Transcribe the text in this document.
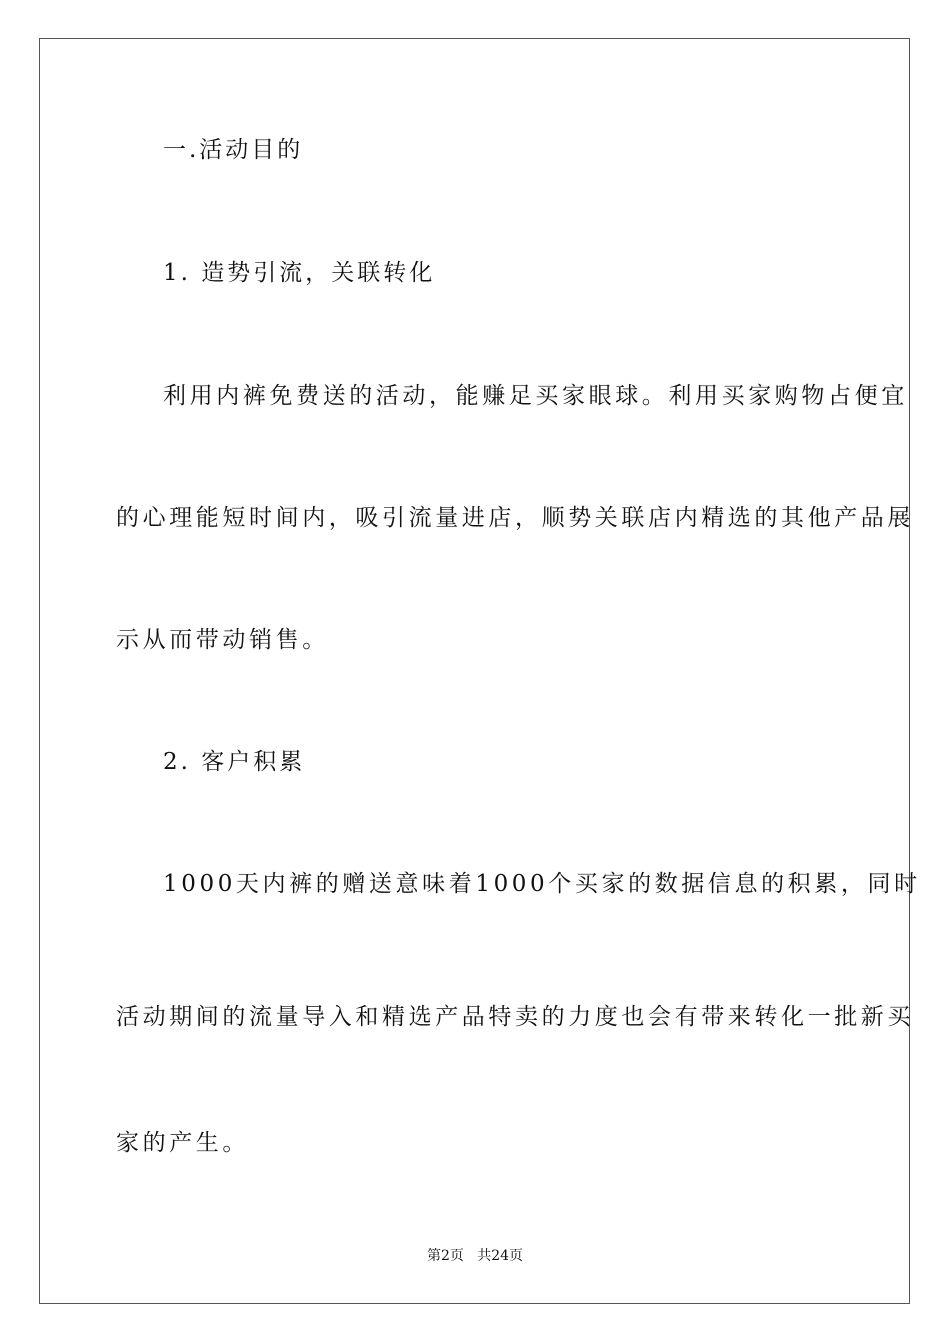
一.活动目的
1. 造势引流，关联转化
利用内裤免费送的活动，能赚足买家眼球。利用买家购物占便宜
的心理能短时间内，吸引流量进店，顺势关联店内精选的其他产品展
示从而带动销售。
2. 客户积累
1000天内裤的赠送意味着1000个买家的数据信息的积累，同时
活动期间的流量导入和精选产品特卖的力度也会有带来转化一批新买
家的产生。
第2页   共24页
